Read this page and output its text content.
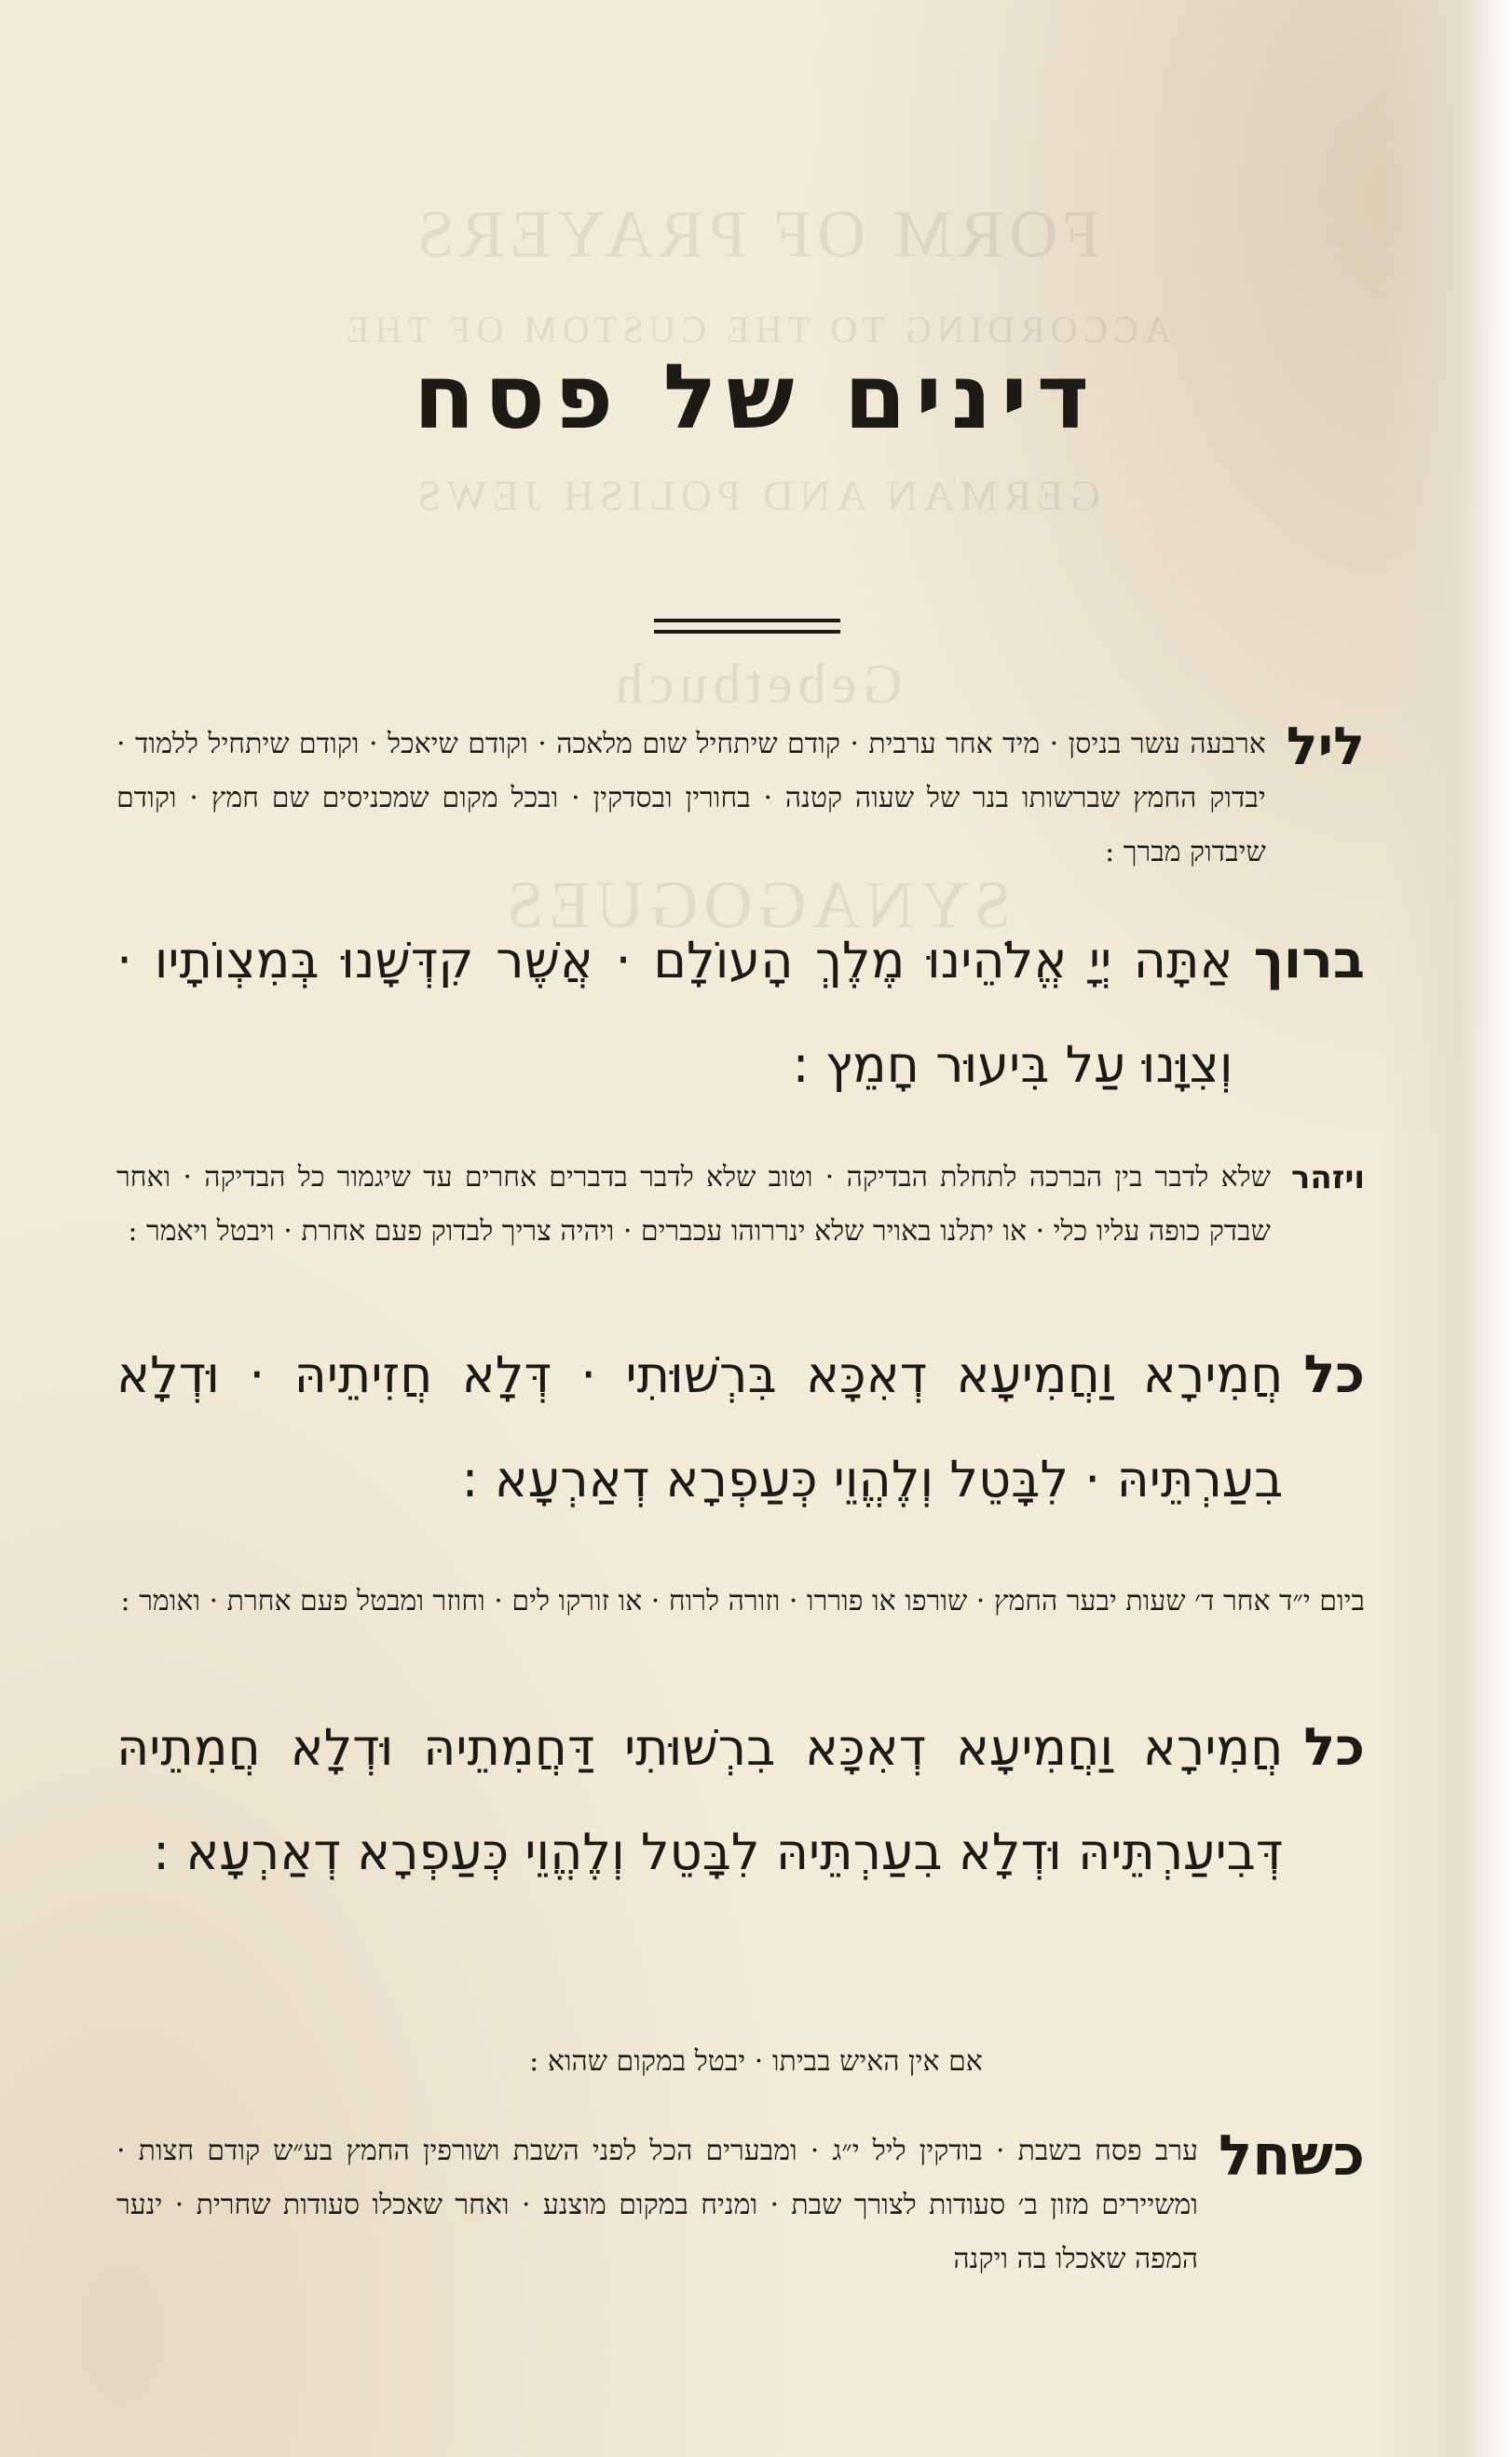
FORM OF PRAYERS
ACCORDING TO THE CUSTOM OF THE
GERMAN AND POLISH JEWS
Gebetbuch
SYNAGOGUES
דינים של פסח
ליל
ארבעה עשר בניסן · מיד אחר ערבית · קודם שיתחיל שום מלאכה · וקודם שיאכל · וקודם שיתחיל ללמוד · יבדוק החמץ שברשותו בנר של שעוה קטנה · בחורין ובסדקין · ובכל מקום שמכניסים שם חמץ · וקודם שיבדוק מברך :
ברוך
אַתָּה יְיָ אֱלֹהֵינוּ מֶלֶךְ הָעוֹלָם · אֲשֶׁר קִדְּשָׁנוּ בְּמִצְוֹתָיו · וְצִוָּנוּ עַל בִּיעוּר חָמֵץ :
ויזהר
שלא לדבר בין הברכה לתחלת הבדיקה · וטוב שלא לדבר בדברים אחרים עד שיגמור כל הבדיקה · ואחר שבדק כופה עליו כלי · או יתלנו באויר שלא ינררוהו עכברים · ויהיה צריך לבדוק פעם אחרת · ויבטל ויאמר :
כל
חֲמִירָא וַחֲמִיעָא דְאִכָּא בִּרְשׁוּתִי · דְּלָא חֲזִיתֵיהּ · וּדְלָא בִעַרְתֵּיהּ · לִבָּטֵל וְלֶהֱוֵי כְּעַפְרָא דְאַרְעָא :
ביום י״ד אחר ד׳ שעות יבער החמץ · שורפו או פוררו · וזורה לרוח · או זורקו לים · וחוזר ומבטל פעם אחרת · ואומר :
כל
חֲמִירָא וַחֲמִיעָא דְאִכָּא בִרְשׁוּתִי דַּחֲמִתֵיהּ וּדְלָא חֲמִתֵיהּ דְּבִיעַרְתֵּיהּ וּדְלָא בִעַרְתֵּיהּ לִבָּטֵל וְלֶהֱוֵי כְּעַפְרָא דְאַרְעָא :
אם אין האיש בביתו · יבטל במקום שהוא :
כשחל
ערב פסח בשבת · בודקין ליל י״ג · ומבערים הכל לפני השבת ושורפין החמץ בע״ש קודם חצות · ומשיירים מזון ב׳ סעודות לצורך שבת · ומניח במקום מוצנע · ואחר שאכלו סעודות שחרית · ינער המפה שאכלו בה ויקנה
